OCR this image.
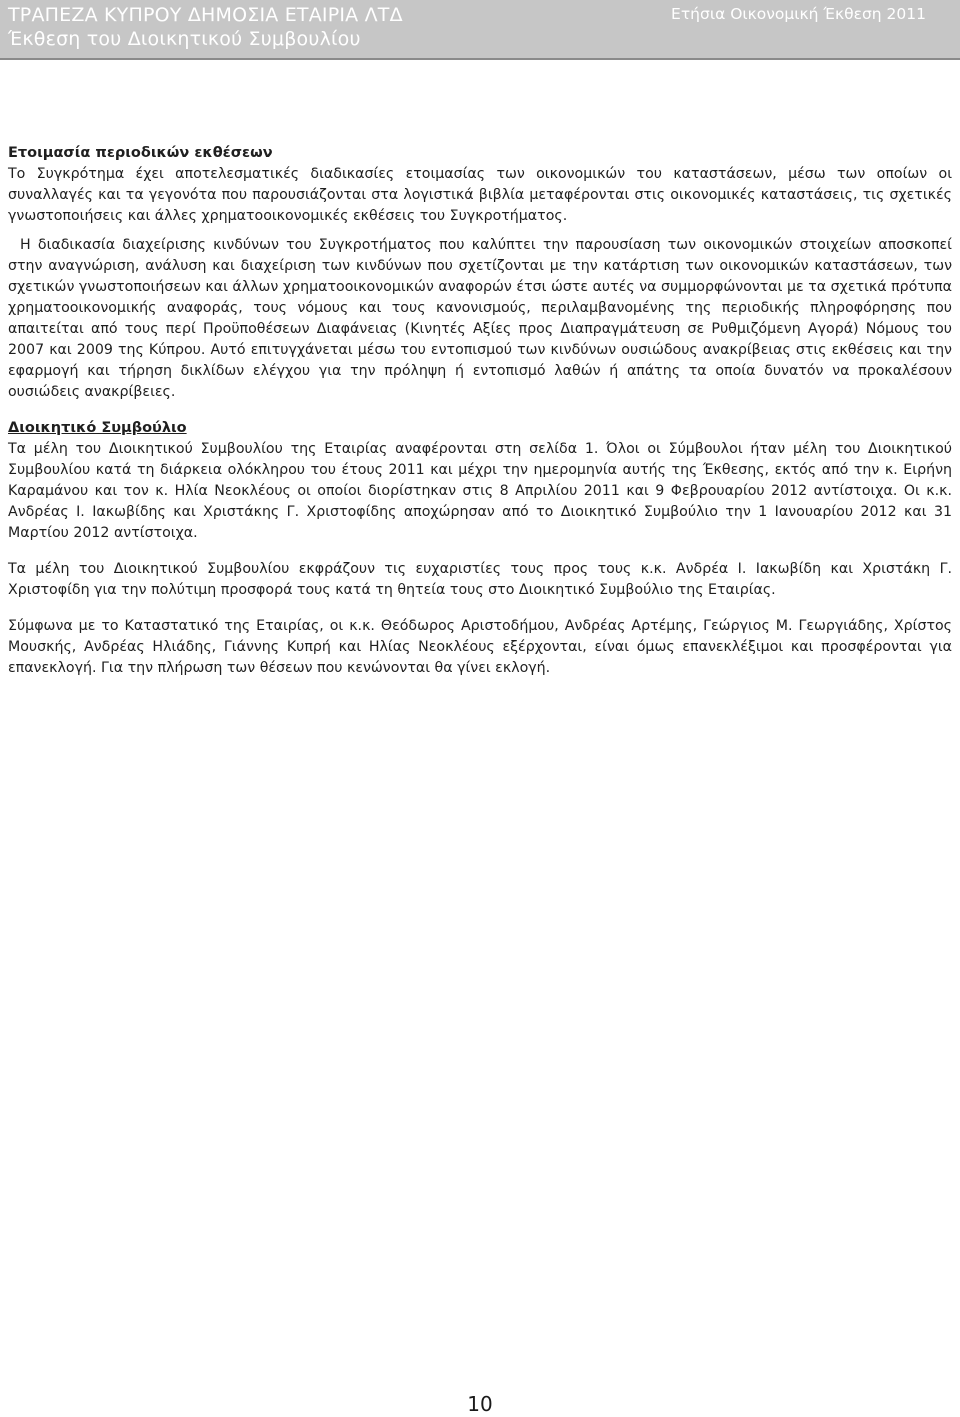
ΤΡΑΠΕΖΑ ΚΥΠΡΟΥ ΔΗΜΟΣΙΑ ΕΤΑΙΡΙΑ ΛΤΔ
Έκθεση του Διοικητικού Συμβουλίου
Ετήσια Οικονομική Έκθεση 2011

Ετοιμασία περιοδικών εκθέσεων

Το Συγκρότημα έχει αποτελεσματικές διαδικασίες ετοιμασίας των οικονομικών του καταστάσεων, μέσω των οποίων οι συναλλαγές και τα γεγονότα που παρουσιάζονται στα λογιστικά βιβλία μεταφέρονται στις οικονομικές καταστάσεις, τις σχετικές γνωστοποιήσεις και άλλες χρηματοοικονομικές εκθέσεις του Συγκροτήματος.

Η διαδικασία διαχείρισης κινδύνων του Συγκροτήματος που καλύπτει την παρουσίαση των οικονομικών στοιχείων αποσκοπεί στην αναγνώριση, ανάλυση και διαχείριση των κινδύνων που σχετίζονται με την κατάρτιση των οικονομικών καταστάσεων, των σχετικών γνωστοποιήσεων και άλλων χρηματοοικονομικών αναφορών έτσι ώστε αυτές να συμμορφώνονται με τα σχετικά πρότυπα χρηματοοικονομικής αναφοράς, τους νόμους και τους κανονισμούς, περιλαμβανομένης της περιοδικής πληροφόρησης που απαιτείται από τους περί Προϋποθέσεων Διαφάνειας (Κινητές Αξίες προς Διαπραγμάτευση σε Ρυθμιζόμενη Αγορά) Νόμους του 2007 και 2009 της Κύπρου. Αυτό επιτυγχάνεται μέσω του εντοπισμού των κινδύνων ουσιώδους ανακρίβειας στις εκθέσεις και την εφαρμογή και τήρηση δικλίδων ελέγχου για την πρόληψη ή εντοπισμό λαθών ή απάτης τα οποία δυνατόν να προκαλέσουν ουσιώδεις ανακρίβειες.

Διοικητικό Συμβούλιο

Τα μέλη του Διοικητικού Συμβουλίου της Εταιρίας αναφέρονται στη σελίδα 1. Όλοι οι Σύμβουλοι ήταν μέλη του Διοικητικού Συμβουλίου κατά τη διάρκεια ολόκληρου του έτους 2011 και μέχρι την ημερομηνία αυτής της Έκθεσης, εκτός από την κ. Ειρήνη Καραμάνου και τον κ. Ηλία Νεοκλέους οι οποίοι διορίστηκαν στις 8 Απριλίου 2011 και 9 Φεβρουαρίου 2012 αντίστοιχα. Οι κ.κ. Ανδρέας Ι. Ιακωβίδης και Χριστάκης Γ. Χριστοφίδης αποχώρησαν από το Διοικητικό Συμβούλιο την 1 Ιανουαρίου 2012 και 31 Μαρτίου 2012 αντίστοιχα.

Τα μέλη του Διοικητικού Συμβουλίου εκφράζουν τις ευχαριστίες τους προς τους κ.κ. Ανδρέα Ι. Ιακωβίδη και Χριστάκη Γ. Χριστοφίδη για την πολύτιμη προσφορά τους κατά τη θητεία τους στο Διοικητικό Συμβούλιο της Εταιρίας.

Σύμφωνα με το Καταστατικό της Εταιρίας, οι κ.κ. Θεόδωρος Αριστοδήμου, Ανδρέας Αρτέμης, Γεώργιος Μ. Γεωργιάδης, Χρίστος Μουσκής, Ανδρέας Ηλιάδης, Γιάννης Κυπρή και Ηλίας Νεοκλέους εξέρχονται, είναι όμως επανεκλέξιμοι και προσφέρονται για επανεκλογή. Για την πλήρωση των θέσεων που κενώνονται θα γίνει εκλογή.

10
